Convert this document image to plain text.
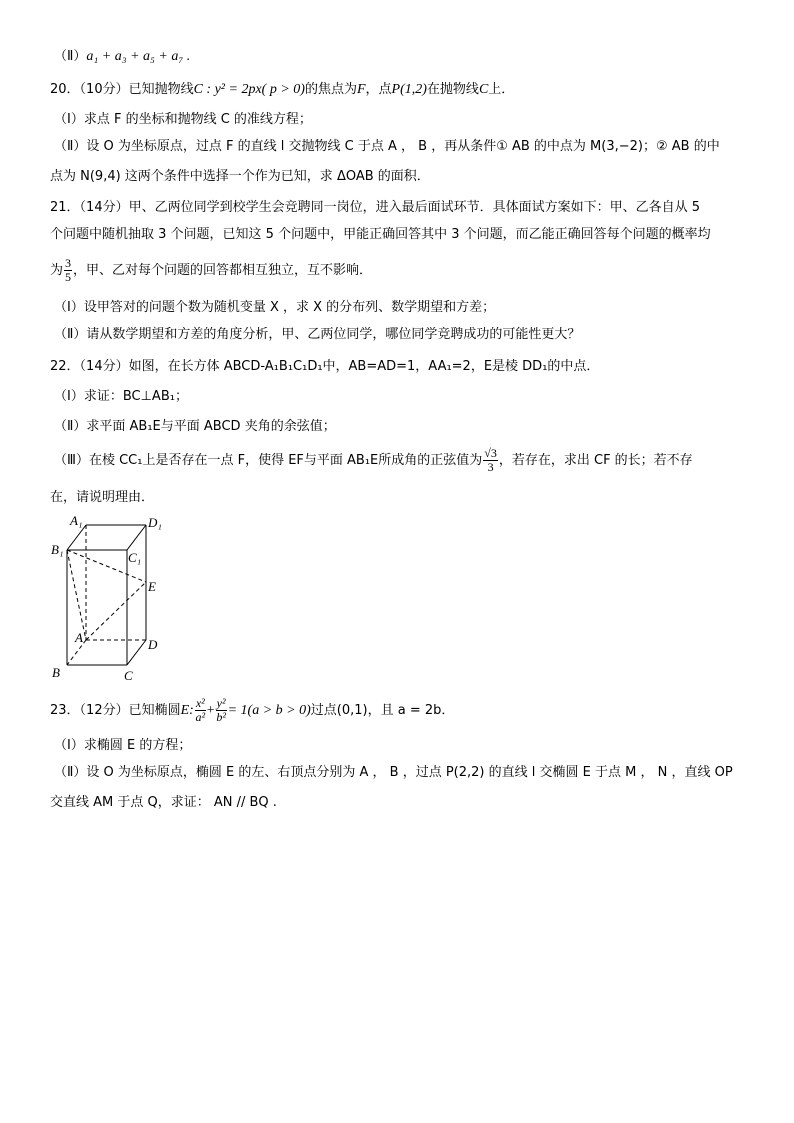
（Ⅱ）a₁ + a₃ + a₅ + a₇ .
20．（10分）已知抛物线C : y² = 2px( p > 0)的焦点为F，点P(1,2)在抛物线C上．
（Ⅰ）求点 F 的坐标和抛物线 C 的准线方程；
（Ⅱ）设 O 为坐标原点，过点 F 的直线 l 交抛物线 C 于点 A ， B ，再从条件① AB 的中点为 M(3,−2)；② AB 的中
点为 N(9,4) 这两个条件中选择一个作为已知，求 ΔOAB 的面积．
21．（14分）甲、乙两位同学到校学生会竞聘同一岗位，进入最后面试环节．具体面试方案如下：甲、乙各自从 5
个问题中随机抽取 3 个问题，已知这 5 个问题中，甲能正确回答其中 3 个问题，而乙能正确回答每个问题的概率均
为 $\frac{3}{5}$ ，甲、乙对每个问题的回答都相互独立，互不影响．
（Ⅰ）设甲答对的问题个数为随机变量 X ，求 X 的分布列、数学期望和方差；
（Ⅱ）请从数学期望和方差的角度分析，甲、乙两位同学，哪位同学竞聘成功的可能性更大？
22．（14分）如图，在长方体 ABCD-A₁B₁C₁D₁中，AB=AD=1，AA₁=2，E是棱 DD₁的中点．
（Ⅰ）求证：BC⊥AB₁；
（Ⅱ）求平面 AB₁E与平面 ABCD 夹角的余弦值；
（Ⅲ）在棱 CC₁上是否存在一点 F，使得 EF与平面 AB₁E所成角的正弦值为 $\frac{√3}{3}$ ，若存在，求出 CF 的长；若不存
在，请说明理由．
A₁	D₁
B₁
C₁
E
A	D
B	C
23．（12分）已知椭圆E: $\frac{\text{x²}}{\text{a²}} + \frac{\text{y²}}{\text{b²}} = 1(a > b > 0)$过点(0,1)，且 a = 2b．
（Ⅰ）求椭圆 E 的方程；
（Ⅱ）设 O 为坐标原点，椭圆 E 的左、右顶点分别为 A ， B ，过点 P(2,2) 的直线 l 交椭圆 E 于点 M ， N ，直线 OP
交直线 AM 于点 Q，求证： AN // BQ .
